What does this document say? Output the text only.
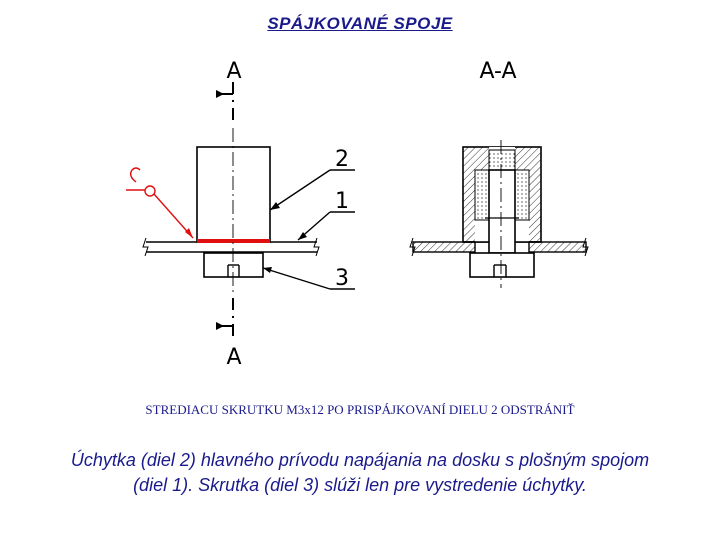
SPÁJKOVANÉ SPOJE
A
A
2
1
3
A-A
STREDIACU SKRUTKU M3x12 PO PRISPÁJKOVANÍ DIELU 2 ODSTRÁNIŤ
Úchytka (diel 2) hlavného prívodu napájania na dosku s plošným spojom
(diel 1). Skrutka (diel 3) slúži len pre vystredenie úchytky.
